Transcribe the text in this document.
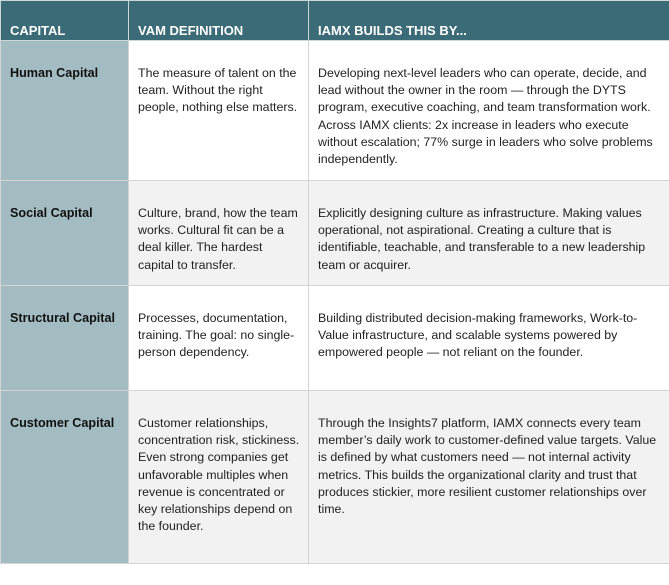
CAPITAL	VAM DEFINITION	IAMX BUILDS THIS BY...
Human Capital	The measure of talent on the team. Without the right people, nothing else matters.	Developing next-level leaders who can operate, decide, and lead without the owner in the room — through the DYTS program, executive coaching, and team transformation work. Across IAMX clients: 2x increase in leaders who execute without escalation; 77% surge in leaders who solve problems independently.
Social Capital	Culture, brand, how the team works. Cultural fit can be a deal killer. The hardest capital to transfer.	Explicitly designing culture as infrastructure. Making values operational, not aspirational. Creating a culture that is identifiable, teachable, and transferable to a new leadership team or acquirer.
Structural Capital	Processes, documentation, training. The goal: no single-person dependency.	Building distributed decision-making frameworks, Work-to-Value infrastructure, and scalable systems powered by empowered people — not reliant on the founder.
Customer Capital	Customer relationships, concentration risk, stickiness. Even strong companies get unfavorable multiples when revenue is concentrated or key relationships depend on the founder.	Through the Insights7 platform, IAMX connects every team member’s daily work to customer-defined value targets. Value is defined by what customers need — not internal activity metrics. This builds the organizational clarity and trust that produces stickier, more resilient customer relationships over time.
